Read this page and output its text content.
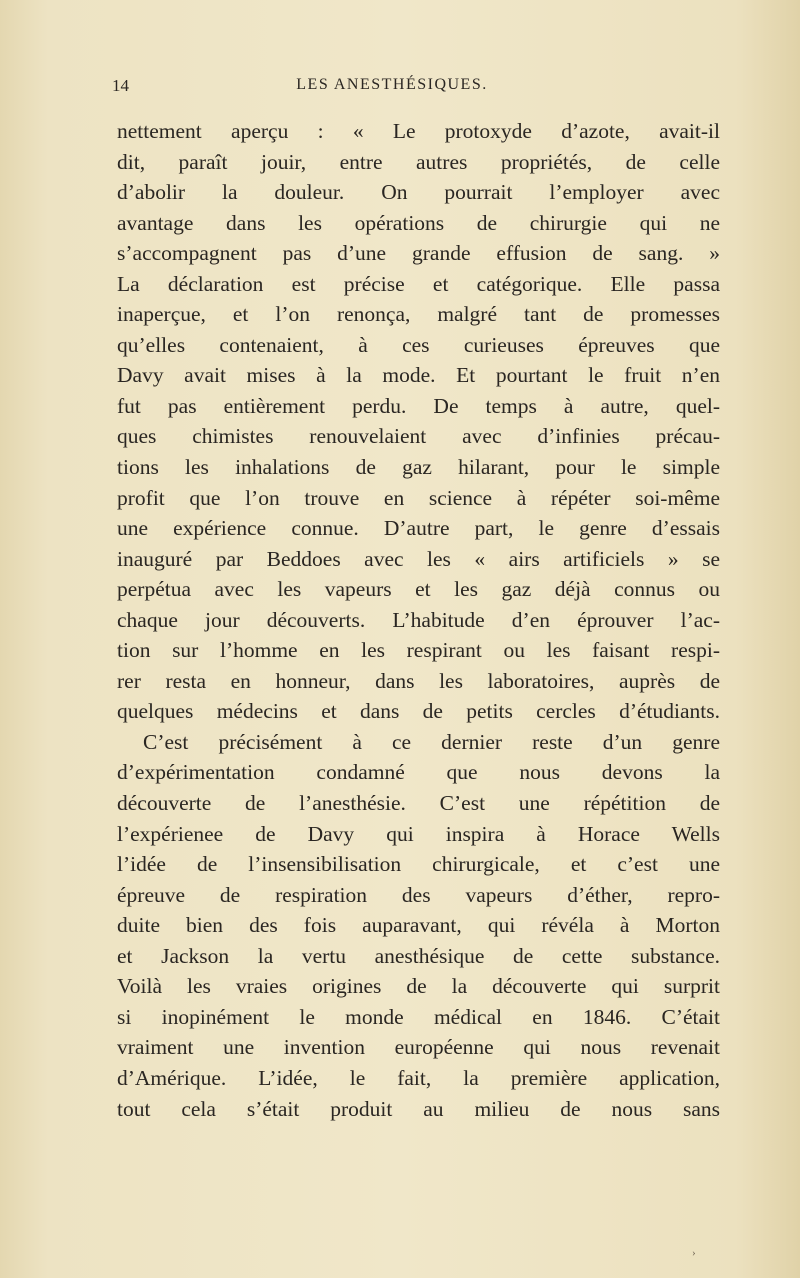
14	LES ANESTHÉSIQUES.
nettement aperçu : « Le protoxyde d’azote, avait-il
dit, paraît jouir, entre autres propriétés, de celle
d’abolir la douleur. On pourrait l’employer avec
avantage dans les opérations de chirurgie qui ne
s’accompagnent pas d’une grande effusion de sang. »
La déclaration est précise et catégorique. Elle passa
inaperçue, et l’on renonça, malgré tant de promesses
qu’elles contenaient, à ces curieuses épreuves que
Davy avait mises à la mode. Et pourtant le fruit n’en
fut pas entièrement perdu. De temps à autre, quel-
ques chimistes renouvelaient avec d’infinies précau-
tions les inhalations de gaz hilarant, pour le simple
profit que l’on trouve en science à répéter soi-même
une expérience connue. D’autre part, le genre d’essais
inauguré par Beddoes avec les « airs artificiels » se
perpétua avec les vapeurs et les gaz déjà connus ou
chaque jour découverts. L’habitude d’en éprouver l’ac-
tion sur l’homme en les respirant ou les faisant respi-
rer resta en honneur, dans les laboratoires, auprès de
quelques médecins et dans de petits cercles d’étudiants.
C’est précisément à ce dernier reste d’un genre
d’expérimentation condamné que nous devons la
découverte de l’anesthésie. C’est une répétition de
l’expérienee de Davy qui inspira à Horace Wells
l’idée de l’insensibilisation chirurgicale, et c’est une
épreuve de respiration des vapeurs d’éther, repro-
duite bien des fois auparavant, qui révéla à Morton
et Jackson la vertu anesthésique de cette substance.
Voilà les vraies origines de la découverte qui surprit
si inopinément le monde médical en 1846. C’était
vraiment une invention européenne qui nous revenait
d’Amérique. L’idée, le fait, la première application,
tout cela s’était produit au milieu de nous sans
›
